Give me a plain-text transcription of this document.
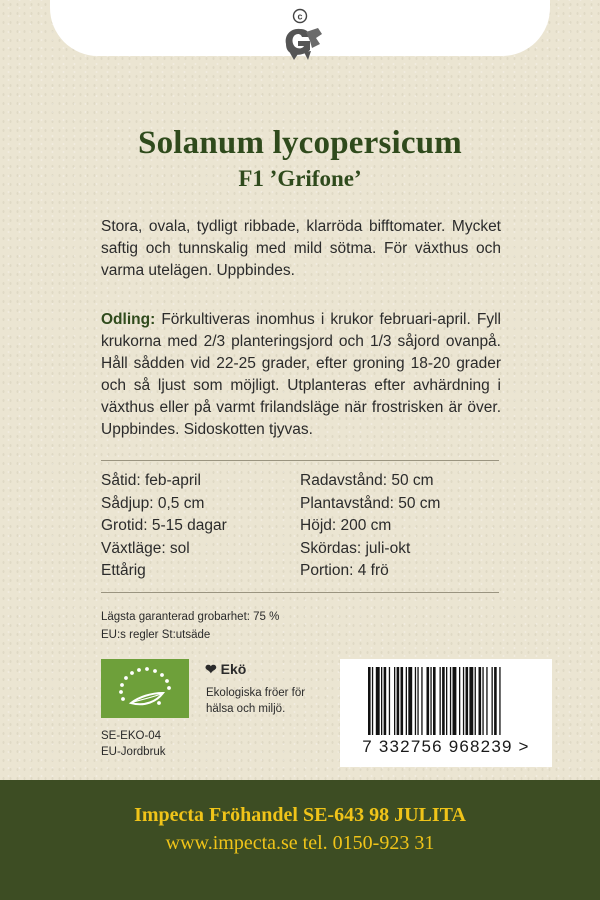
c
Solanum lycopersicum
F1 ’Grifone’
Stora, ovala, tydligt ribbade, klarröda bifftomater. Mycket saftig och tunnskalig med mild sötma. För växthus och varma utelägen. Uppbindes.
Odling: Förkultiveras inomhus i krukor februari-april. Fyll krukorna med 2/3 planteringsjord och 1/3 såjord ovanpå. Håll sådden vid 22-25 grader, efter groning 18-20 grader och så ljust som möjligt. Utplanteras efter avhärdning i växthus eller på varmt frilandsläge när frostrisken är över. Uppbindes. Sidoskotten tjyvas.
Såtid: feb-april
Sådjup: 0,5 cm
Grotid: 5-15 dagar
Växtläge: sol
Ettårig
Radavstånd: 50 cm
Plantavstånd: 50 cm
Höjd: 200 cm
Skördas: juli-okt
Portion: 4 frö
Lägsta garanterad grobarhet: 75 %
EU:s regler St:utsäde
❤ Ekö
Ekologiska fröer för hälsa och miljö.
SE-EKO-04
EU-Jordbruk	7 332756 968239 >
Impecta Fröhandel SE-643 98 JULITA
www.impecta.se tel. 0150-923 31
